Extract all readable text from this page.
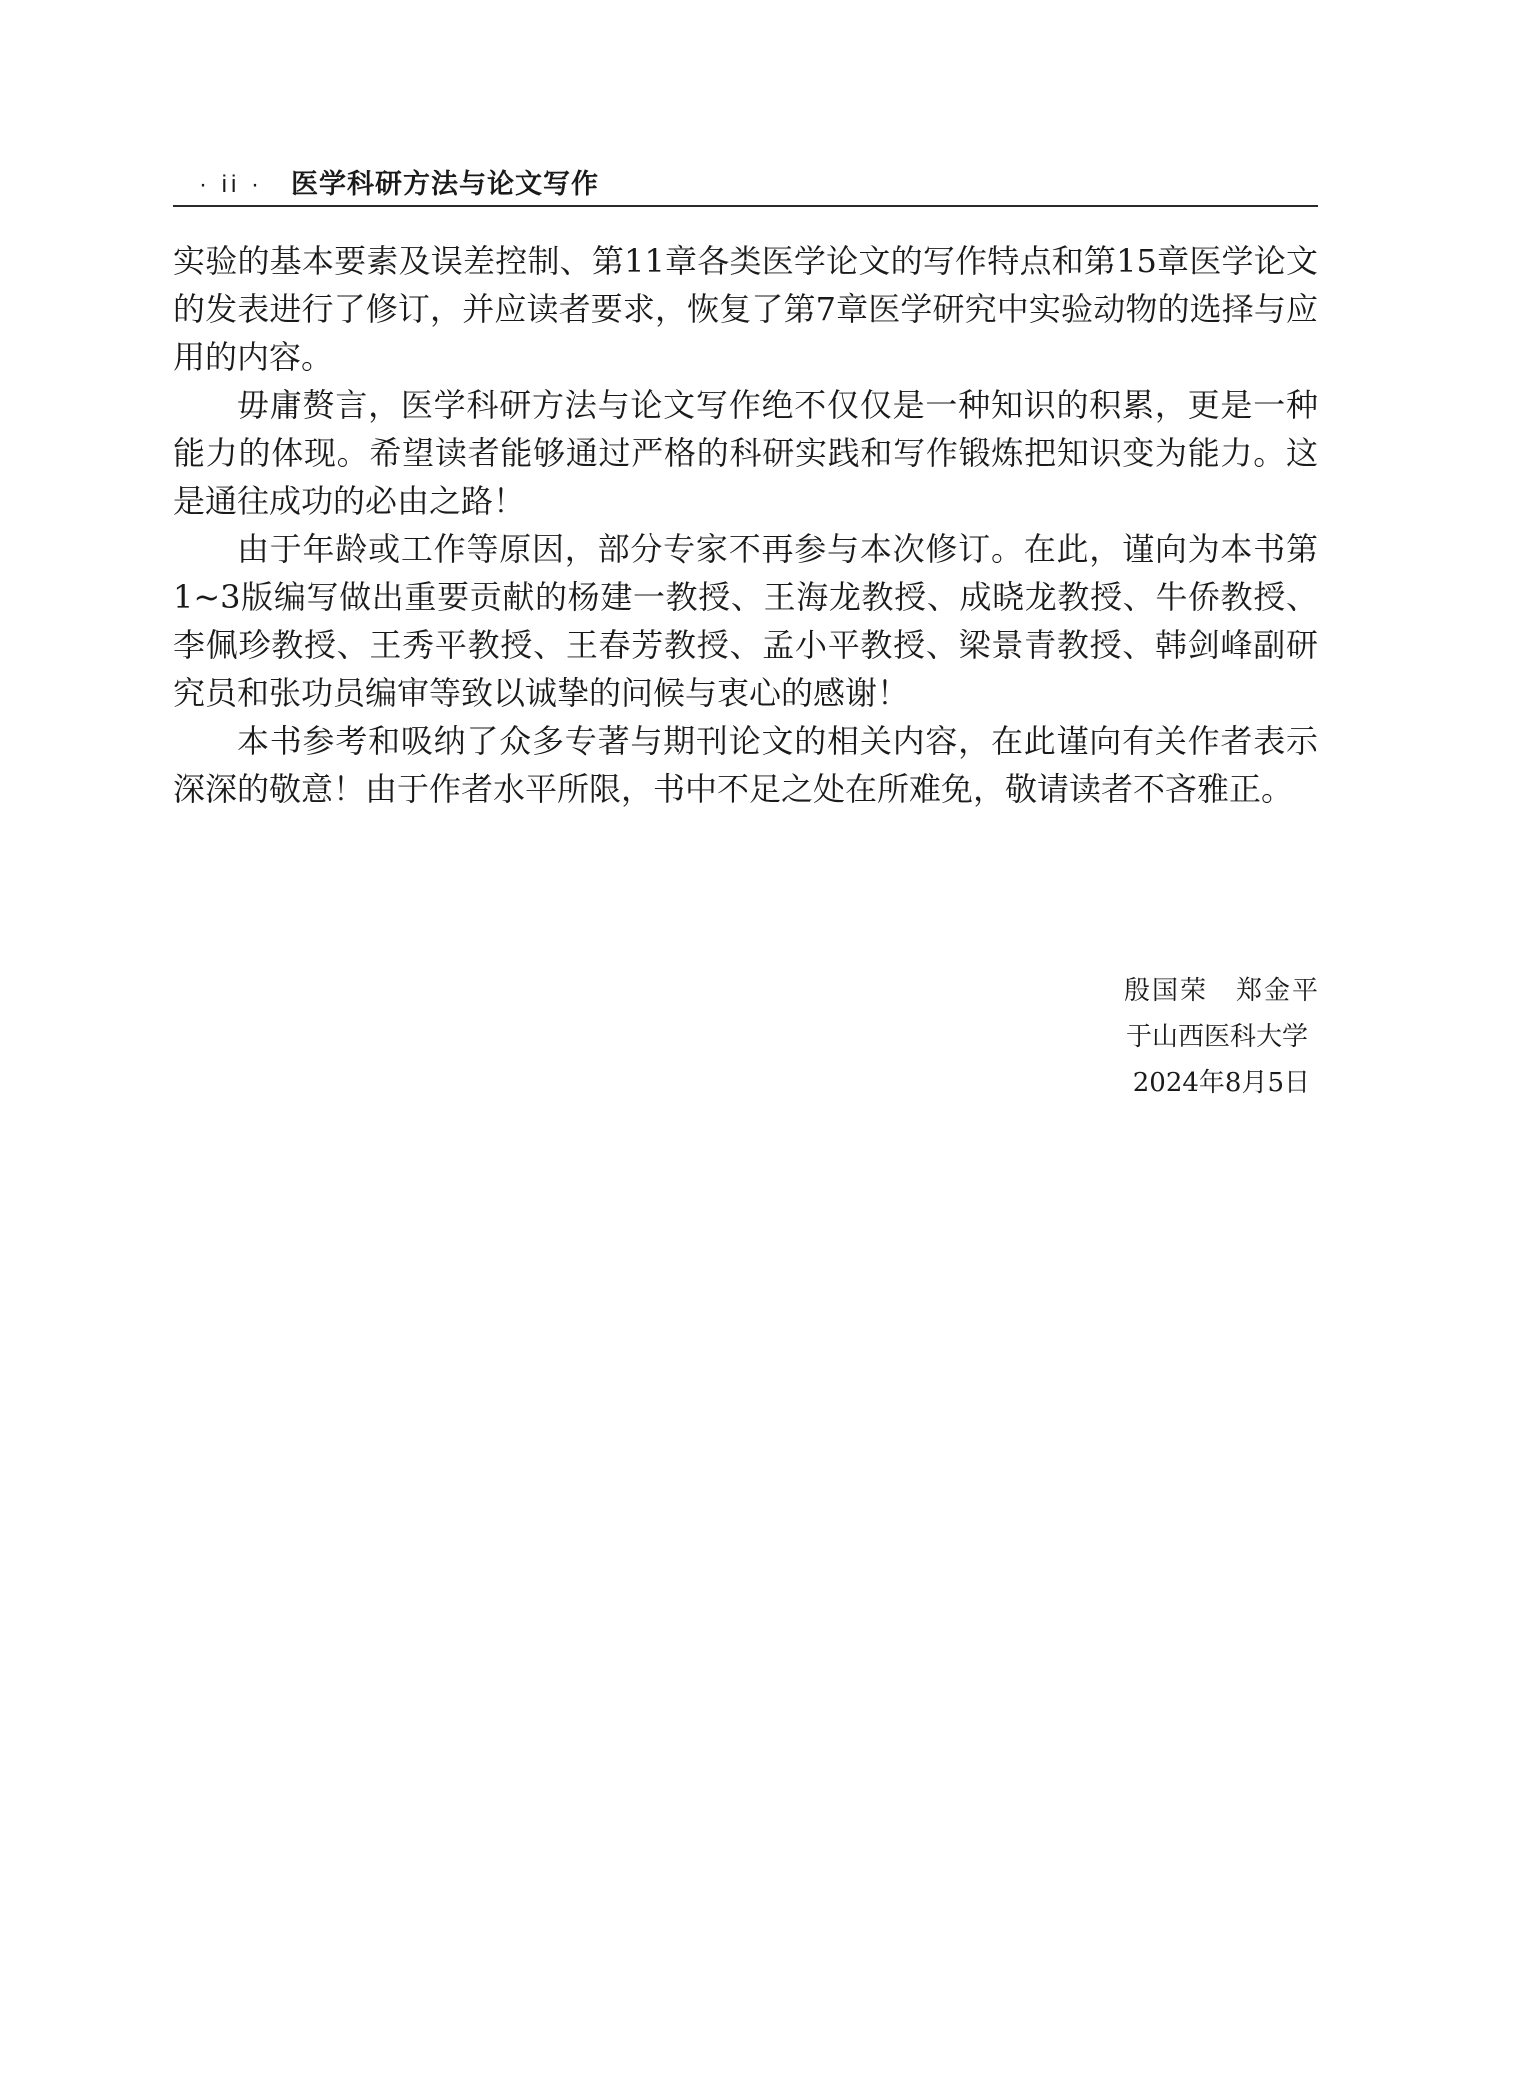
· ii · 医学科研方法与论文写作

实验的基本要素及误差控制、第11章各类医学论文的写作特点和第15章医学论文的发表进行了修订，并应读者要求，恢复了第7章医学研究中实验动物的选择与应用的内容。

毋庸赘言，医学科研方法与论文写作绝不仅仅是一种知识的积累，更是一种能力的体现。希望读者能够通过严格的科研实践和写作锻炼把知识变为能力。这是通往成功的必由之路！

由于年龄或工作等原因，部分专家不再参与本次修订。在此，谨向为本书第1~3版编写做出重要贡献的杨建一教授、王海龙教授、成晓龙教授、牛侨教授、李佩珍教授、王秀平教授、王春芳教授、孟小平教授、梁景青教授、韩剑峰副研究员和张功员编审等致以诚挚的问候与衷心的感谢！

本书参考和吸纳了众多专著与期刊论文的相关内容，在此谨向有关作者表示深深的敬意！由于作者水平所限，书中不足之处在所难免，敬请读者不吝雅正。

殷国荣　郑金平
于山西医科大学
2024年8月5日
